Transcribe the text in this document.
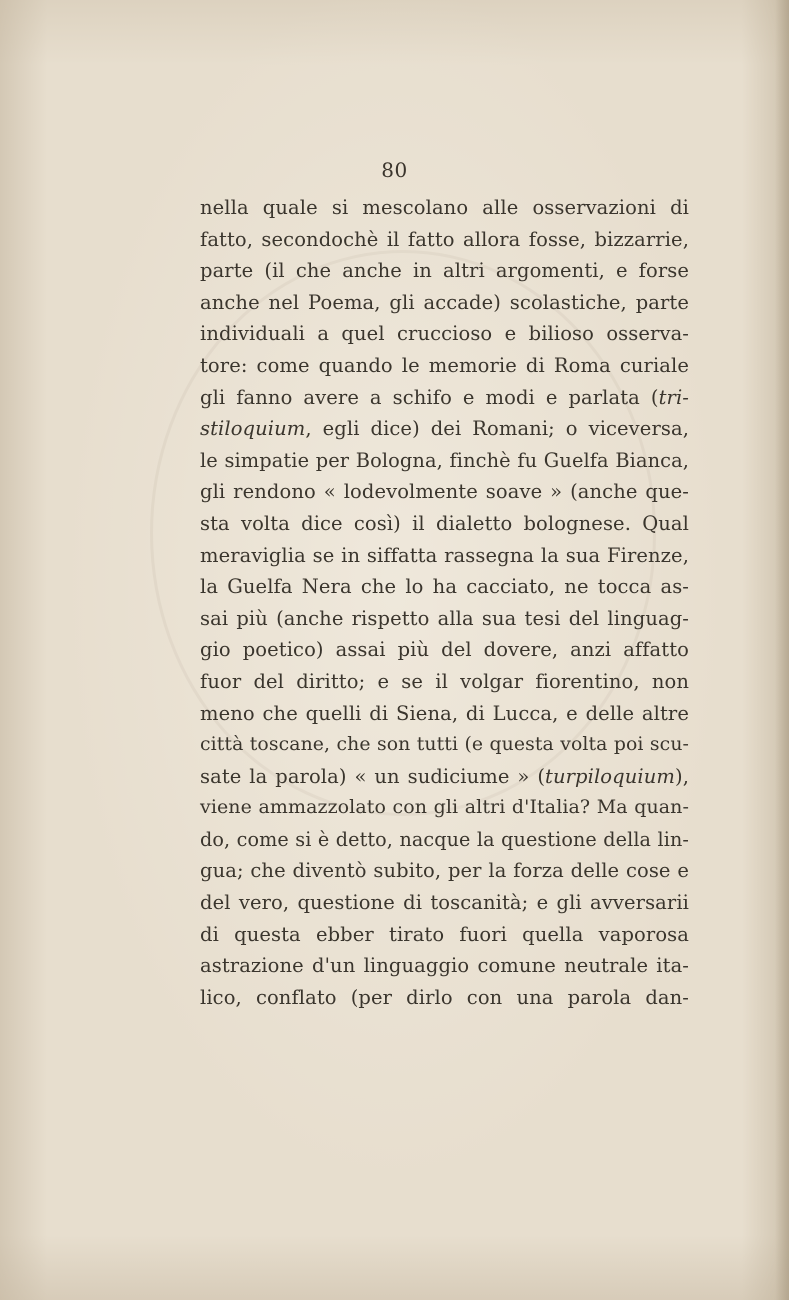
80
nella quale si mescolano alle osservazioni di
fatto, secondochè il fatto allora fosse, bizzarrie,
parte (il che anche in altri argomenti, e forse
anche nel Poema, gli accade) scolastiche, parte
individuali a quel cruccioso e bilioso osserva-
tore: come quando le memorie di Roma curiale
gli fanno avere a schifo e modi e parlata (tri-
stiloquium, egli dice) dei Romani; o viceversa,
le simpatie per Bologna, finchè fu Guelfa Bianca,
gli rendono « lodevolmente soave » (anche que-
sta volta dice così) il dialetto bolognese. Qual
meraviglia se in siffatta rassegna la sua Firenze,
la Guelfa Nera che lo ha cacciato, ne tocca as-
sai più (anche rispetto alla sua tesi del linguag-
gio poetico) assai più del dovere, anzi affatto
fuor del diritto; e se il volgar fiorentino, non
meno che quelli di Siena, di Lucca, e delle altre
città toscane, che son tutti (e questa volta poi scu-
sate la parola) « un sudiciume » (turpiloquium),
viene ammazzolato con gli altri d'Italia? Ma quan-
do, come si è detto, nacque la questione della lin-
gua; che diventò subito, per la forza delle cose e
del vero, questione di toscanità; e gli avversarii
di questa ebber tirato fuori quella vaporosa
astrazione d'un linguaggio comune neutrale ita-
lico, conflato (per dirlo con una parola dan-
